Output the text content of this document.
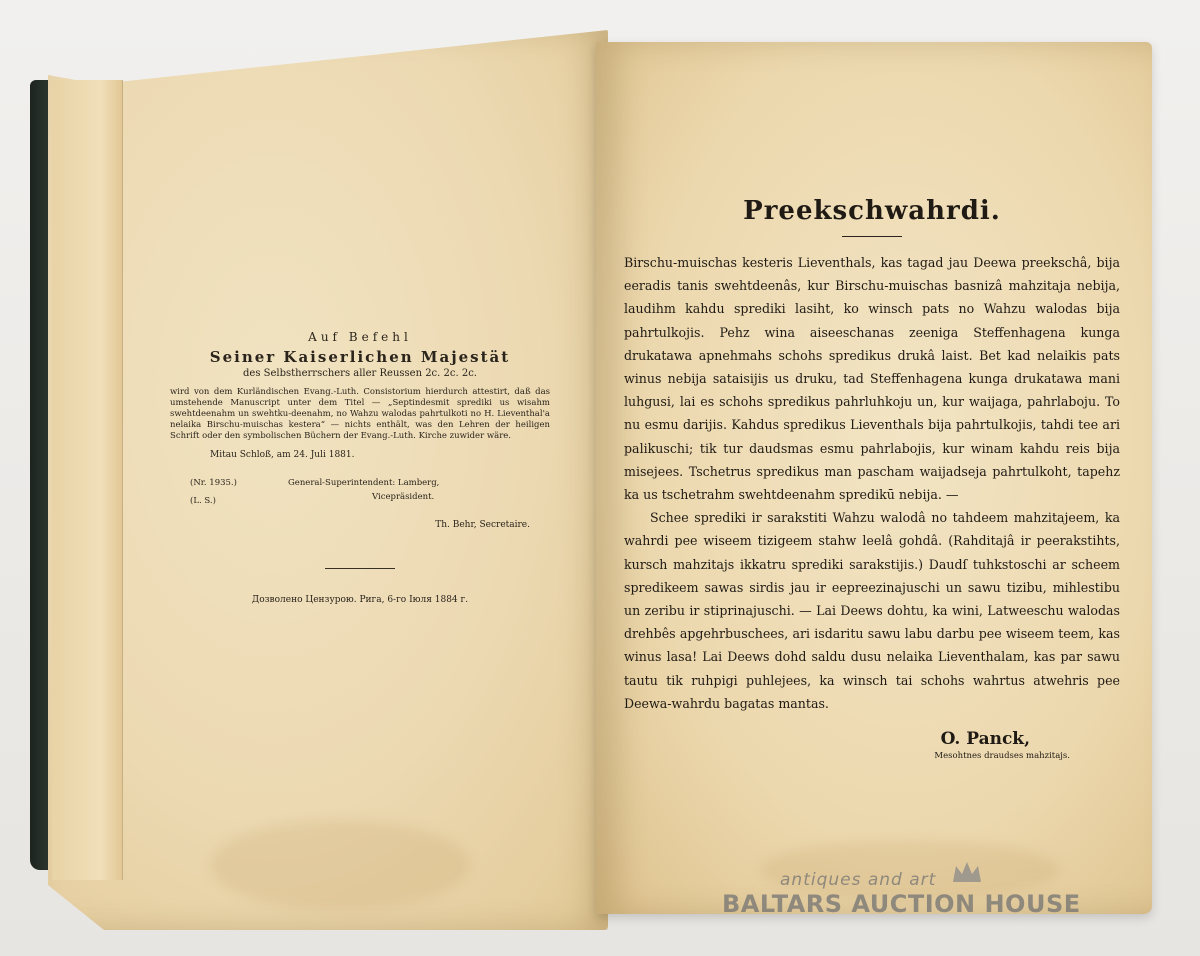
Auf Befehl

Seiner Kaiserlichen Majestät

des Selbstherrschers aller Reussen 2c. 2c. 2c.

wird von dem Kurländischen Evang.-Luth. Consistorium hierdurch attestirt, daß das umstehende Manuscript unter dem Titel — „Septindesmit sprediki us wisahm swehtdeenahm un swehtku-deenahm, no Wahzu walodas pahrtulkoti no H. Lieventhal'a nelaika Birschu-muischas kestera“ — nichts enthält, was den Lehren der heiligen Schrift oder den symbolischen Büchern der Evang.-Luth. Kirche zuwider wäre.

Mitau Schloß, am 24. Juli 1881.

(Nr. 1935.)	General-Superintendent: Lamberg,
(L. S.)	Vicepräsident.

Th. Behr, Secretaire.

Дозволено Цензурою. Рига, 6-го Іюля 1884 г.

Preekschwahrdi.

Birschu-muischas kesteris Lieventhals, kas tagad jau Deewa preekschâ, bija eeradis tanis swehtdeenâs, kur Birschu-muischas basnizâ mahzitaja nebija, laudihm kahdu sprediki lasiht, ko winsch pats no Wahzu walodas bija pahrtulkojis. Pehz wina aiseeschanas zeeniga Steffenhagena kunga drukatawa apnehmahs schohs spredikus drukâ laist. Bet kad nelaikis pats winus nebija sataisijis us druku, tad Steffenhagena kunga drukatawa mani luhgusi, lai es schohs spredikus pahrluhkoju un, kur waijaga, pahrlaboju. To nu esmu darijis. Kahdus spredikus Lieventhals bija pahrtulkojis, tahdi tee ari palikuschi; tik tur daudsmas esmu pahrlabojis, kur winam kahdu reis bija misejees. Tschetrus spredikus man pascham waijadseja pahrtulkoht, tapehz ka us tschetrahm swehtdeenahm spredikū nebija. —

Schee sprediki ir sarakstiti Wahzu walodâ no tahdeem mahzitajeem, ka wahrdi pee wiseem tizigeem stahw leelâ gohdâ. (Rahditajâ ir peerakstihts, kursch mahzitajs ikkatru sprediki sarakstijis.) Daudſ tuhkstoschi ar scheem spredikeem sawas sirdis jau ir eepreezinajuschi un sawu tizibu, mihlestibu un zeribu ir stiprinajuschi. — Lai Deews dohtu, ka wini, Latweeschu walodas drehbês apgehrbuschees, ari isdaritu sawu labu darbu pee wiseem teem, kas winus lasa! Lai Deews dohd saldu dusu nelaika Lieventhalam, kas par sawu tautu tik ruhpigi puhlejees, ka winsch tai schohs wahrtus atwehris pee Deewa-wahrdu bagatas mantas.

O. Panck,

Mesohtnes draudses mahzitajs.

antiques and art
BALTARS AUCTION HOUSE
